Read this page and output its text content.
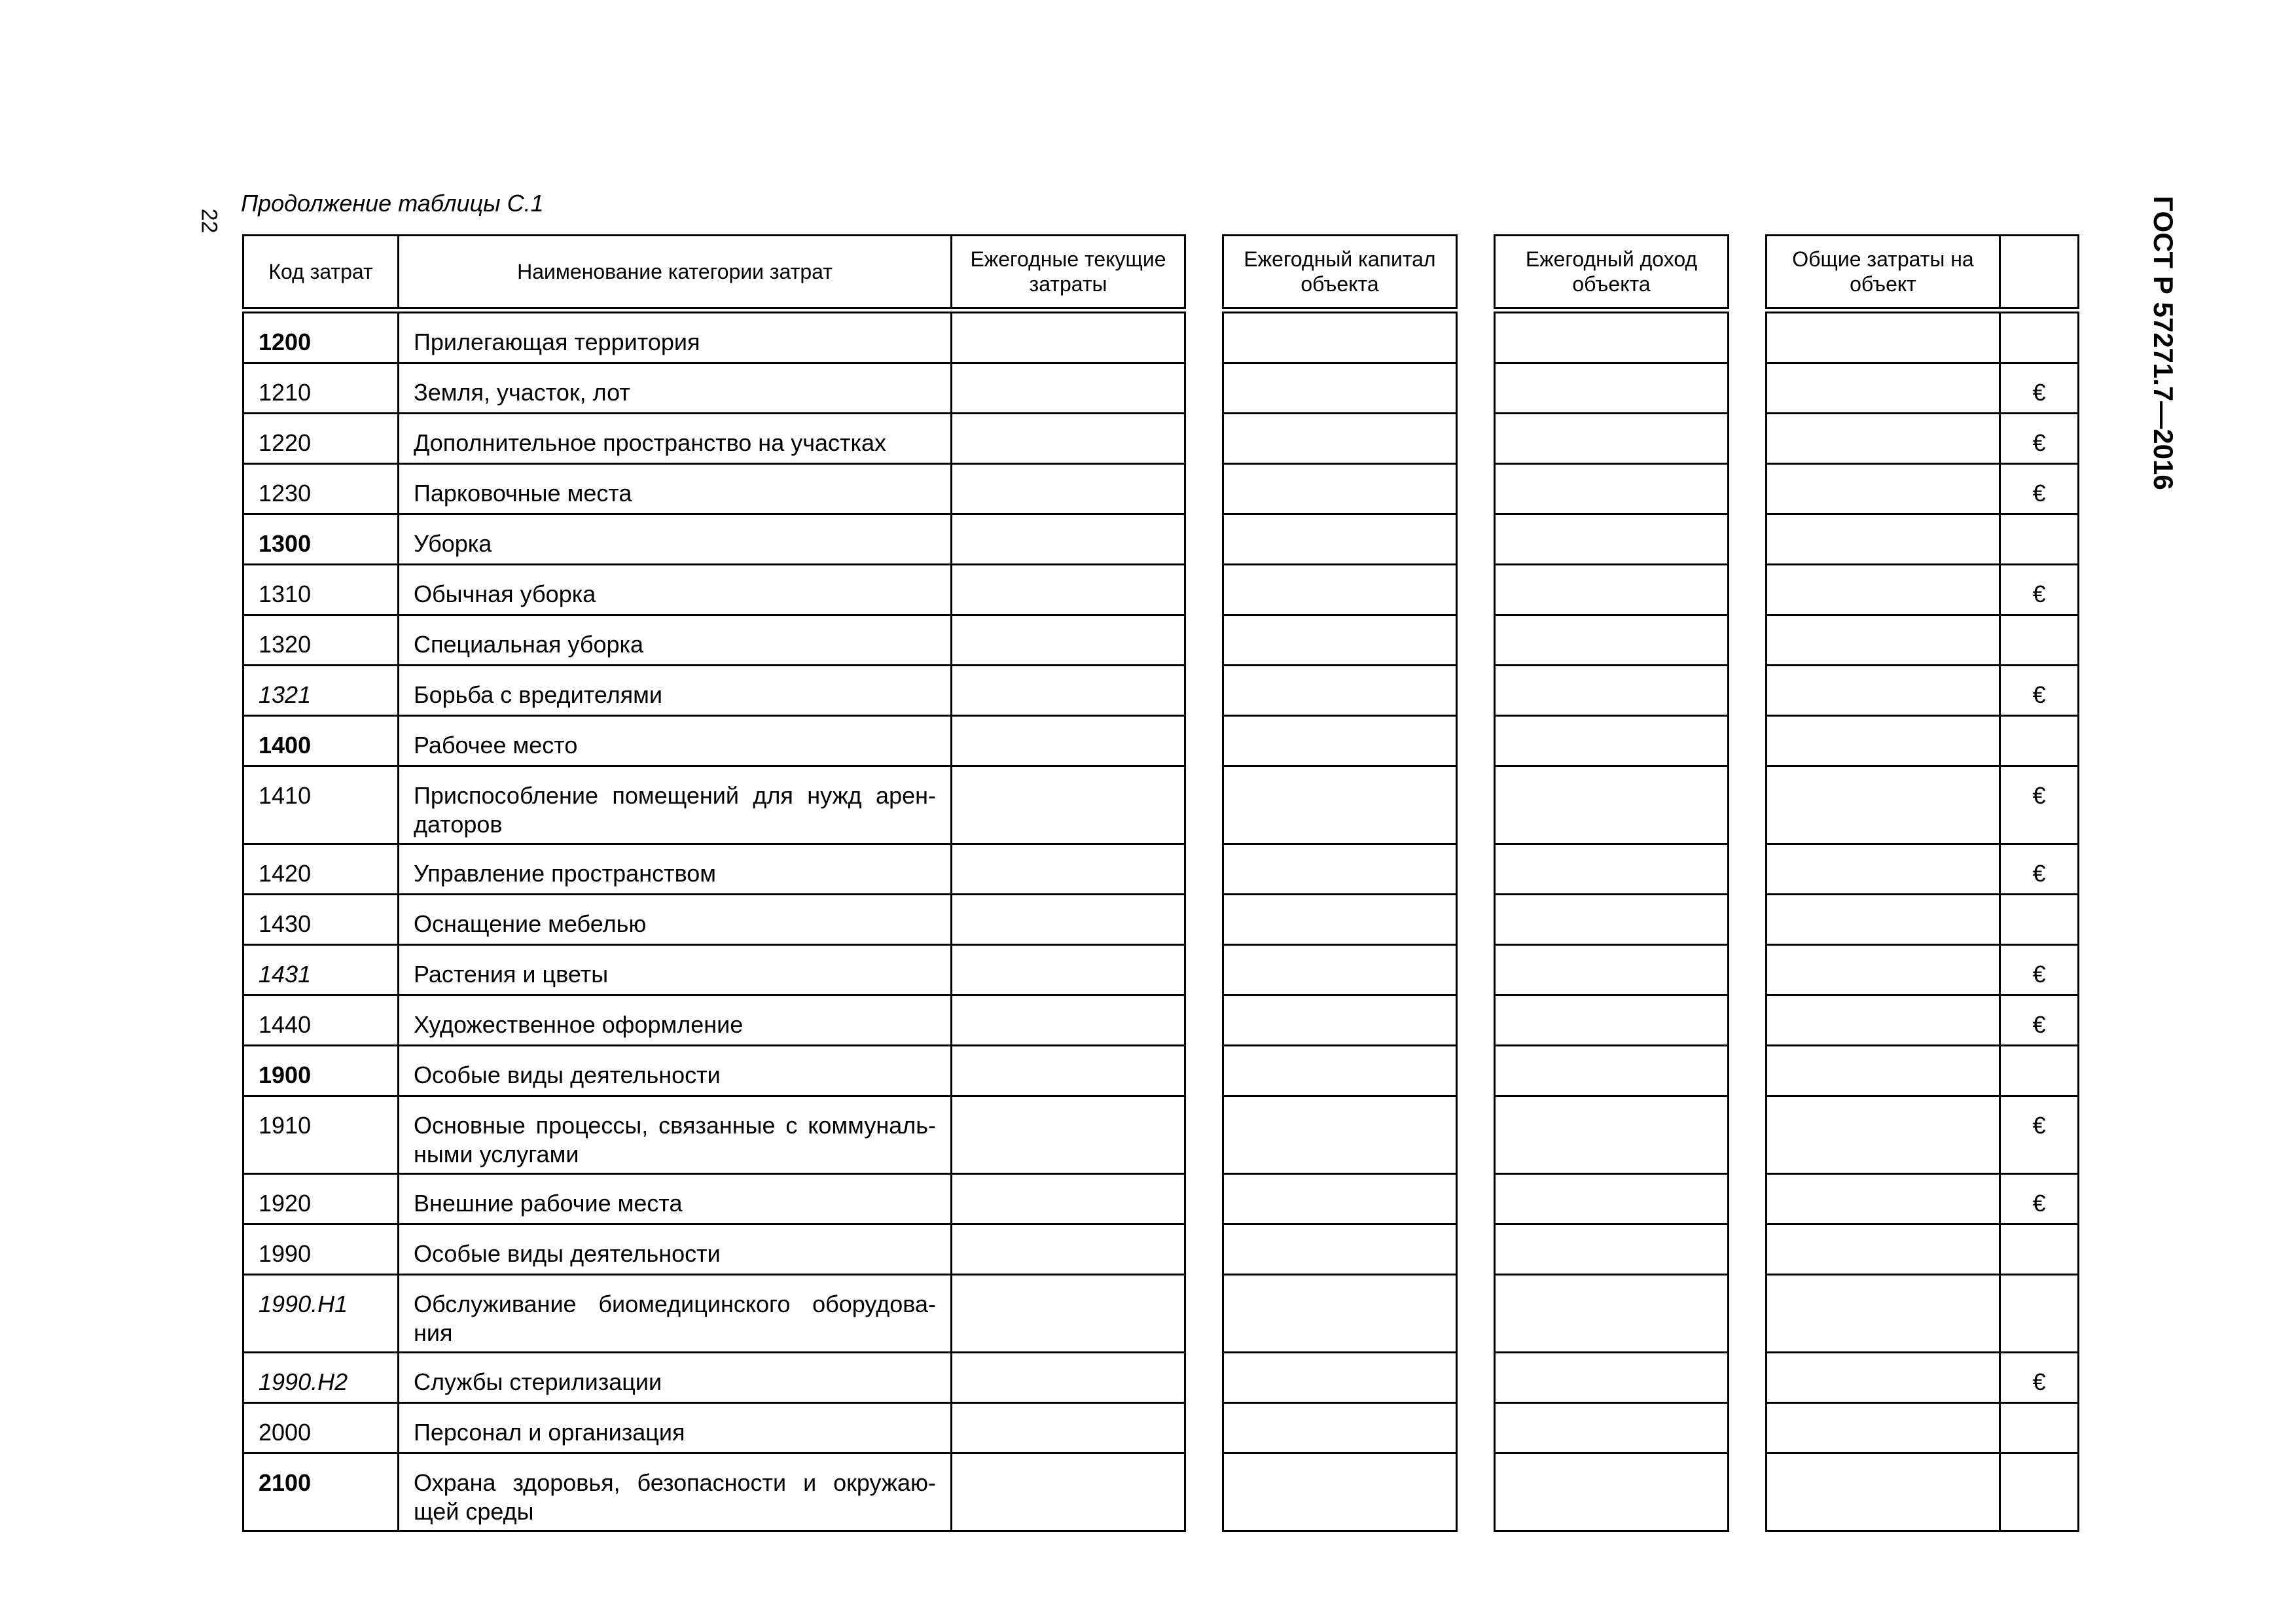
22
Продолжение таблицы С.1	ГОСТ Р 57271.7—2016
Код затрат	Наименование категории затрат	Ежегодные текущие затраты		Ежегодный капитал объекта		Ежегодный доход объекта		Общие затраты на объект	
1200	Прилегающая территория								
1210	Земля, участок, лот								€
1220	Дополнительное пространство на участках								€
1230	Парковочные места								€
1300	Уборка								
1310	Обычная уборка								€
1320	Специальная уборка								
1321	Борьба с вредителями								€
1400	Рабочее место								
1410	Приспособление помещений для нужд арен-даторов								€
1420	Управление пространством								€
1430	Оснащение мебелью								
1431	Растения и цветы								€
1440	Художественное оформление								€
1900	Особые виды деятельности								
1910	Основные процессы, связанные с коммуналь-ными услугами								€
1920	Внешние рабочие места								€
1990	Особые виды деятельности								
1990.Н1	Обслуживание биомедицинского оборудова-ния								
1990.Н2	Службы стерилизации								€
2000	Персонал и организация								
2100	Охрана здоровья, безопасности и окружаю-щей среды								
